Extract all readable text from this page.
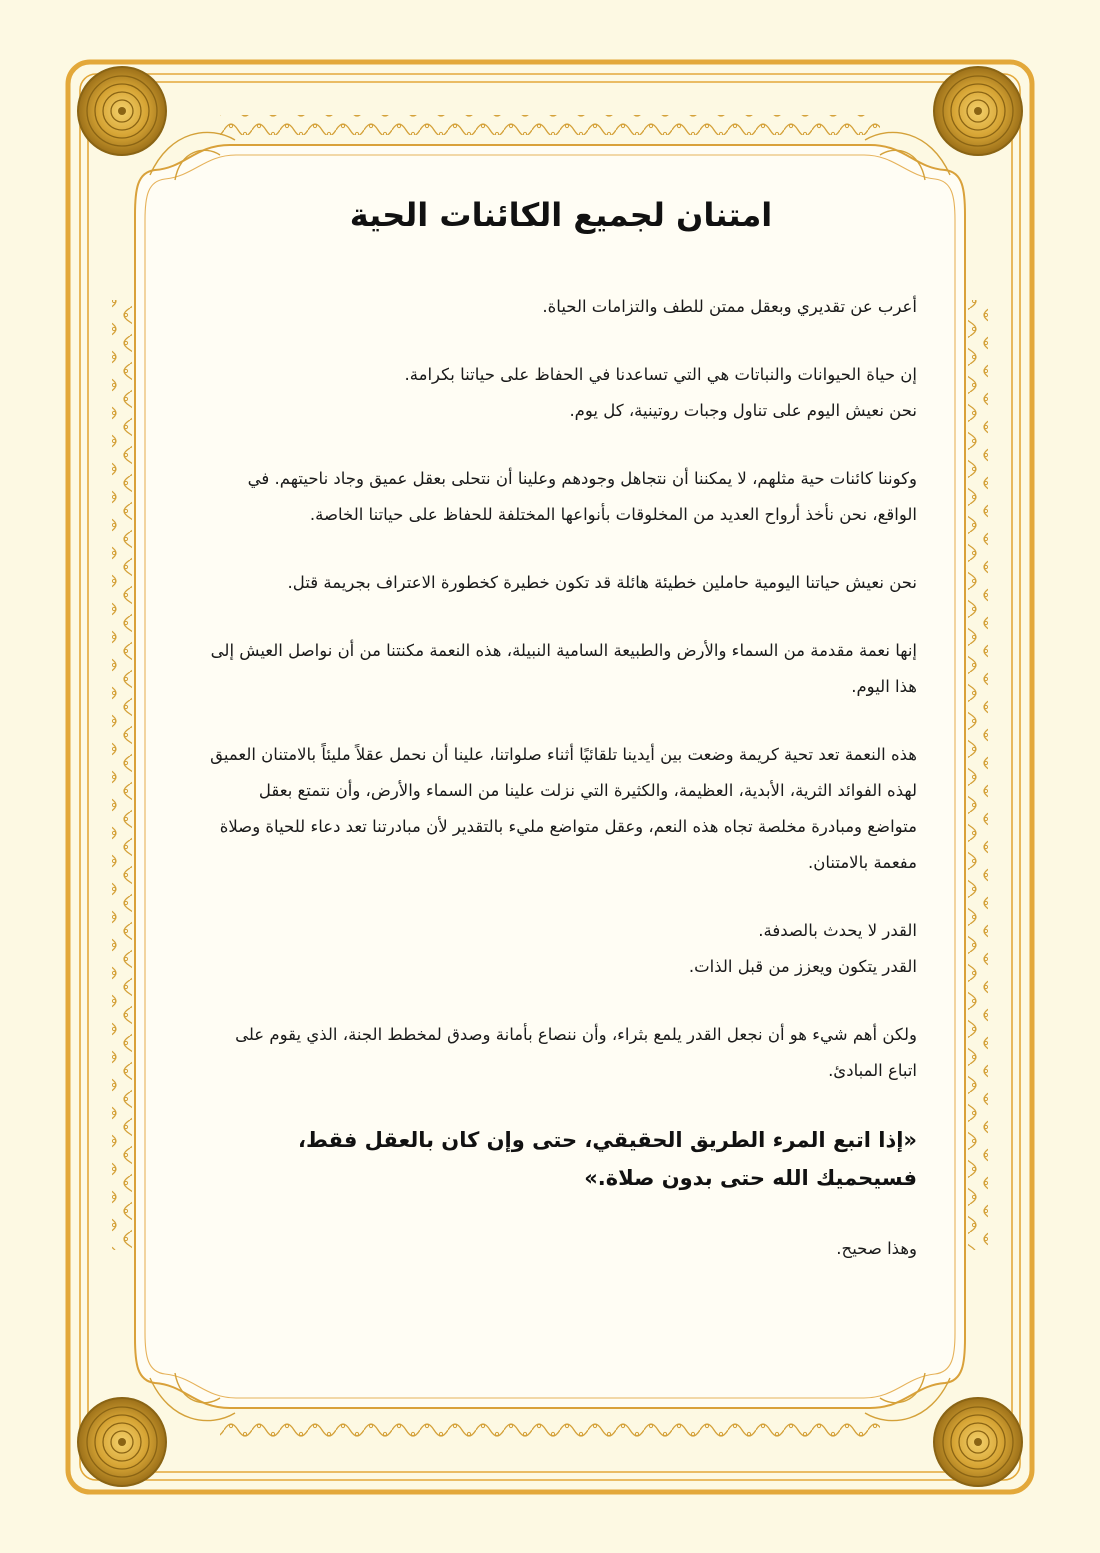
امتنان لجميع الكائنات الحية

أعرب عن تقديري وبعقل ممتن للطف والتزامات الحياة.

إن حياة الحيوانات والنباتات هي التي تساعدنا في الحفاظ على حياتنا بكرامة.
نحن نعيش اليوم على تناول وجبات روتينية، كل يوم.

وكوننا كائنات حية مثلهم، لا يمكننا أن نتجاهل وجودهم وعلينا أن نتحلى بعقل عميق وجاد ناحيتهم. في الواقع، نحن نأخذ أرواح العديد من المخلوقات بأنواعها المختلفة للحفاظ على حياتنا الخاصة.

نحن نعيش حياتنا اليومية حاملين خطيئة هائلة قد تكون خطيرة كخطورة الاعتراف بجريمة قتل.

إنها نعمة مقدمة من السماء والأرض والطبيعة السامية النبيلة، هذه النعمة مكنتنا من أن نواصل العيش إلى هذا اليوم.

هذه النعمة تعد تحية كريمة وضعت بين أيدينا تلقائيًا أثناء صلواتنا، علينا أن نحمل عقلاً مليئاً بالامتنان العميق لهذه الفوائد الثرية، الأبدية، العظيمة، والكثيرة التي نزلت علينا من السماء والأرض، وأن نتمتع بعقل متواضع ومبادرة مخلصة تجاه هذه النعم، وعقل متواضع مليء بالتقدير لأن مبادرتنا تعد دعاء للحياة وصلاة مفعمة بالامتنان.

القدر لا يحدث بالصدفة.
القدر يتكون ويعزز من قبل الذات.

ولكن أهم شيء هو أن نجعل القدر يلمع بثراء، وأن ننصاع بأمانة وصدق لمخطط الجنة، الذي يقوم على اتباع المبادئ.

«إذا اتبع المرء الطريق الحقيقي، حتى وإن كان بالعقل فقط،
فسيحميك الله حتى بدون صلاة.»

وهذا صحيح.
